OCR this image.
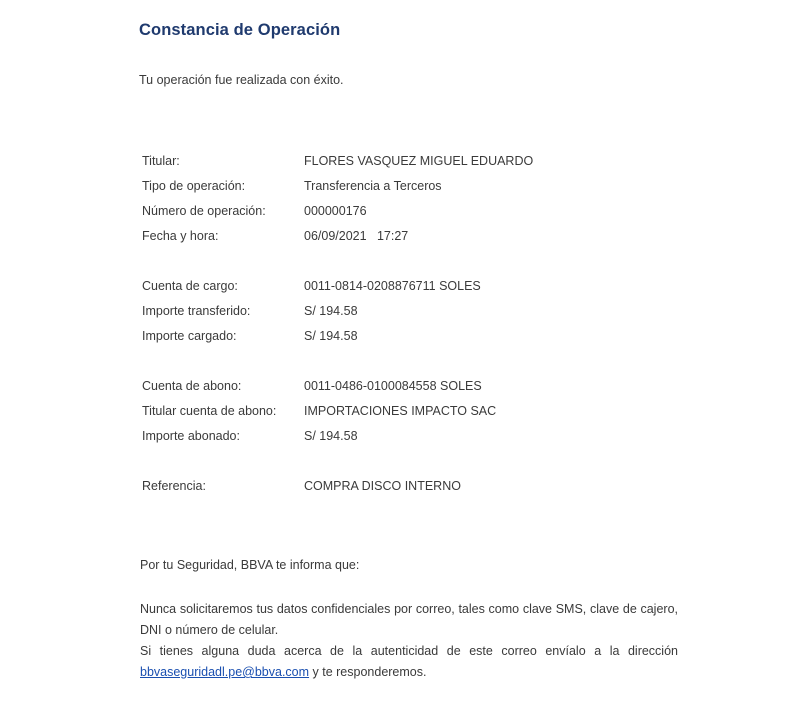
Constancia de Operación
Tu operación fue realizada con éxito.
Titular:	FLORES VASQUEZ MIGUEL EDUARDO
Tipo de operación:	Transferencia a Terceros
Número de operación:	000000176
Fecha y hora:	06/09/2021   17:27
Cuenta de cargo:	0011-0814-0208876711 SOLES
Importe transferido:	S/ 194.58
Importe cargado:	S/ 194.58
Cuenta de abono:	0011-0486-0100084558 SOLES
Titular cuenta de abono:	IMPORTACIONES IMPACTO SAC
Importe abonado:	S/ 194.58
Referencia:	COMPRA DISCO INTERNO
Por tu Seguridad, BBVA te informa que:

Nunca solicitaremos tus datos confidenciales por correo, tales como clave SMS, clave de cajero, DNI o número de celular.

Si tienes alguna duda acerca de la autenticidad de este correo envíalo a la dirección bbvaseguridadl.pe@bbva.com y te responderemos.
